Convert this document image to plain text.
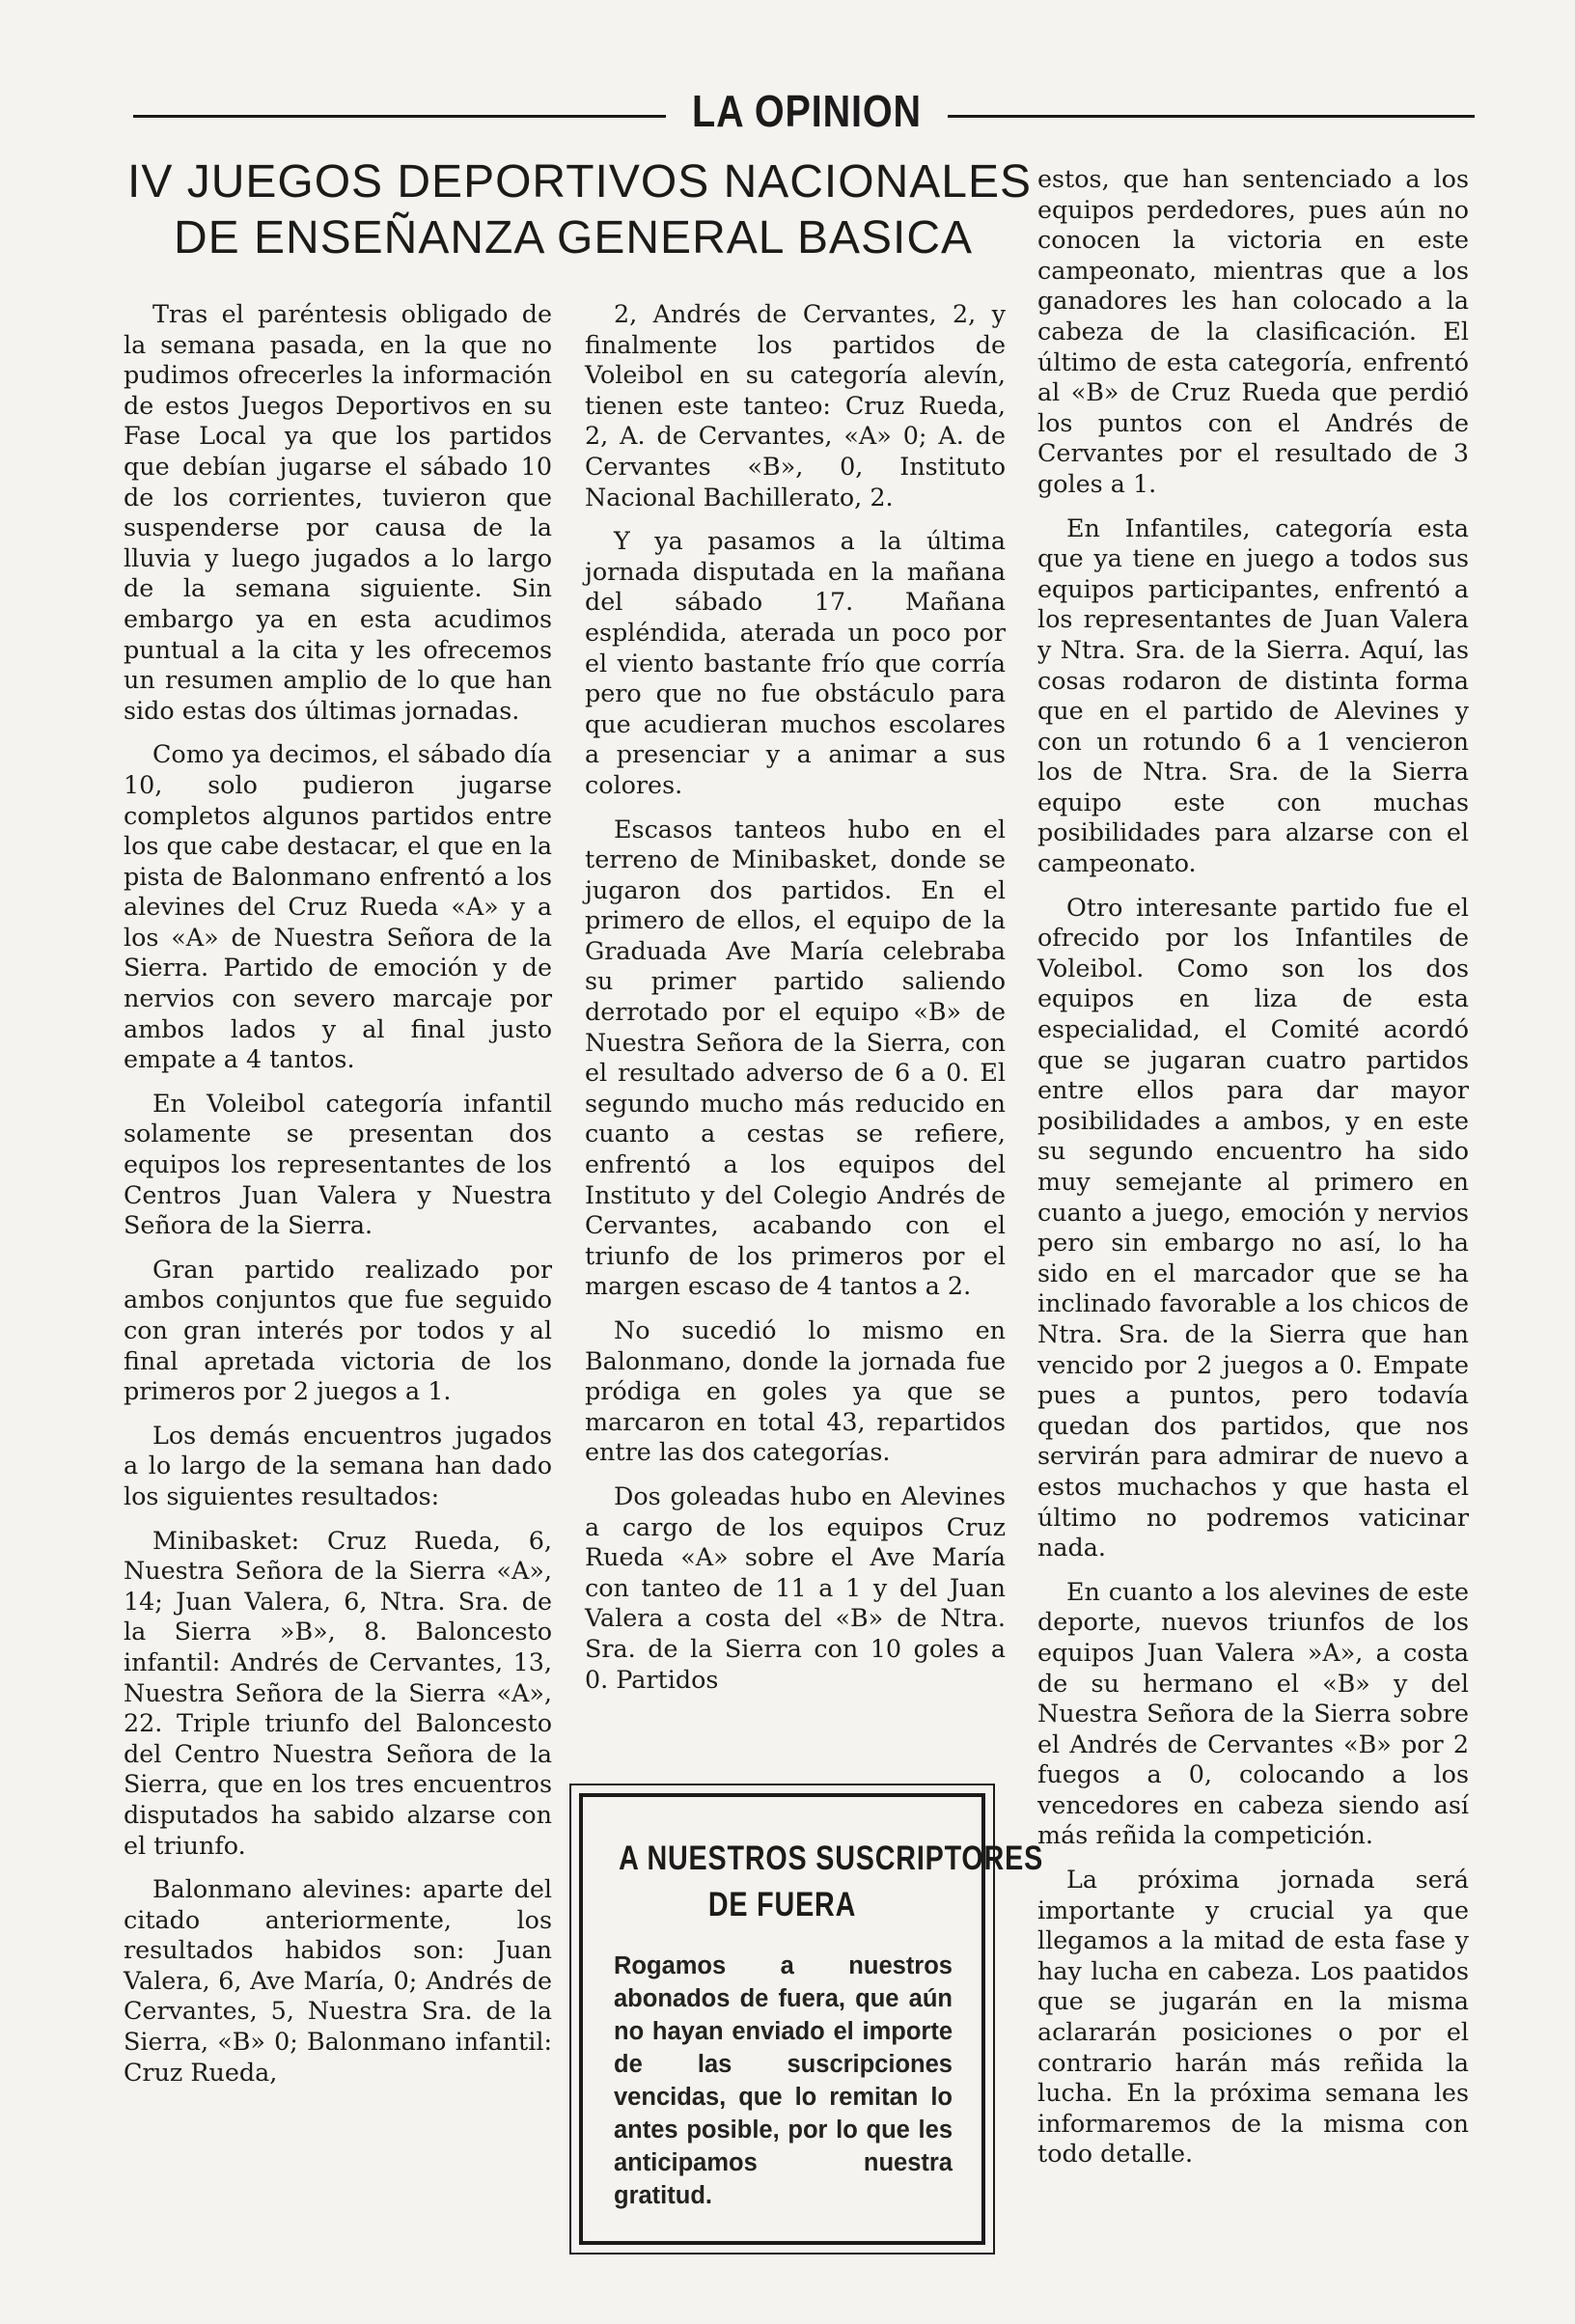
LA OPINION
IV JUEGOS DEPORTIVOS NACIONALES
DE ENSEÑANZA GENERAL BASICA

Tras el paréntesis obligado de la semana pasada, en la que no pudimos ofrecerles la información de estos Juegos Deportivos en su Fase Local ya que los partidos que debían jugarse el sábado 10 de los corrientes, tuvieron que suspenderse por causa de la lluvia y luego jugados a lo largo de la semana siguiente. Sin embargo ya en esta acudimos puntual a la cita y les ofrecemos un resumen amplio de lo que han sido estas dos últimas jornadas.

Como ya decimos, el sábado día 10, solo pudieron jugarse completos algunos partidos entre los que cabe destacar, el que en la pista de Balonmano enfrentó a los alevines del Cruz Rueda «A» y a los «A» de Nuestra Señora de la Sierra. Partido de emoción y de nervios con severo marcaje por ambos lados y al final justo empate a 4 tantos.

En Voleibol categoría infantil solamente se presentan dos equipos los representantes de los Centros Juan Valera y Nuestra Señora de la Sierra.

Gran partido realizado por ambos conjuntos que fue seguido con gran interés por todos y al final apretada victoria de los primeros por 2 juegos a 1.

Los demás encuentros jugados a lo largo de la semana han dado los siguientes resultados:

Minibasket: Cruz Rueda, 6, Nuestra Señora de la Sierra «A», 14; Juan Valera, 6, Ntra. Sra. de la Sierra »B», 8. Baloncesto infantil: Andrés de Cervantes, 13, Nuestra Señora de la Sierra «A», 22. Triple triunfo del Baloncesto del Centro Nuestra Señora de la Sierra, que en los tres encuentros disputados ha sabido alzarse con el triunfo.

Balonmano alevines: aparte del citado anteriormente, los resultados habidos son: Juan Valera, 6, Ave María, 0; Andrés de Cervantes, 5, Nuestra Sra. de la Sierra, «B» 0; Balonmano infantil: Cruz Rueda,

2, Andrés de Cervantes, 2, y finalmente los partidos de Voleibol en su categoría alevín, tienen este tanteo: Cruz Rueda, 2, A. de Cervantes, «A» 0; A. de Cervantes «B», 0, Instituto Nacional Bachillerato, 2.

Y ya pasamos a la última jornada disputada en la mañana del sábado 17. Mañana espléndida, aterada un poco por el viento bastante frío que corría pero que no fue obstáculo para que acudieran muchos escolares a presenciar y a animar a sus colores.

Escasos tanteos hubo en el terreno de Minibasket, donde se jugaron dos partidos. En el primero de ellos, el equipo de la Graduada Ave María celebraba su primer partido saliendo derrotado por el equipo «B» de Nuestra Señora de la Sierra, con el resultado adverso de 6 a 0. El segundo mucho más reducido en cuanto a cestas se refiere, enfrentó a los equipos del Instituto y del Colegio Andrés de Cervantes, acabando con el triunfo de los primeros por el margen escaso de 4 tantos a 2.

No sucedió lo mismo en Balonmano, donde la jornada fue pródiga en goles ya que se marcaron en total 43, repartidos entre las dos categorías.

Dos goleadas hubo en Alevines a cargo de los equipos Cruz Rueda «A» sobre el Ave María con tanteo de 11 a 1 y del Juan Valera a costa del «B» de Ntra. Sra. de la Sierra con 10 goles a 0. Partidos

estos, que han sentenciado a los equipos perdedores, pues aún no conocen la victoria en este campeonato, mientras que a los ganadores les han colocado a la cabeza de la clasificación. El último de esta categoría, enfrentó al «B» de Cruz Rueda que perdió los puntos con el Andrés de Cervantes por el resultado de 3 goles a 1.

En Infantiles, categoría esta que ya tiene en juego a todos sus equipos participantes, enfrentó a los representantes de Juan Valera y Ntra. Sra. de la Sierra. Aquí, las cosas rodaron de distinta forma que en el partido de Alevines y con un rotundo 6 a 1 vencieron los de Ntra. Sra. de la Sierra equipo este con muchas posibilidades para alzarse con el campeonato.

Otro interesante partido fue el ofrecido por los Infantiles de Voleibol. Como son los dos equipos en liza de esta especialidad, el Comité acordó que se jugaran cuatro partidos entre ellos para dar mayor posibilidades a ambos, y en este su segundo encuentro ha sido muy semejante al primero en cuanto a juego, emoción y nervios pero sin embargo no así, lo ha sido en el marcador que se ha inclinado favorable a los chicos de Ntra. Sra. de la Sierra que han vencido por 2 juegos a 0. Empate pues a puntos, pero todavía quedan dos partidos, que nos servirán para admirar de nuevo a estos muchachos y que hasta el último no podremos vaticinar nada.

En cuanto a los alevines de este deporte, nuevos triunfos de los equipos Juan Valera »A», a costa de su hermano el «B» y del Nuestra Señora de la Sierra sobre el Andrés de Cervantes «B» por 2 fuegos a 0, colocando a los vencedores en cabeza siendo así más reñida la competición.

La próxima jornada será importante y crucial ya que llegamos a la mitad de esta fase y hay lucha en cabeza. Los paatidos que se jugarán en la misma aclararán posiciones o por el contrario harán más reñida la lucha. En la próxima semana les informaremos de la misma con todo detalle.

A NUESTROS SUSCRIPTORES
DE FUERA
Rogamos a nuestros abonados de fuera, que aún no hayan enviado el importe de las suscripciones vencidas, que lo remitan lo antes posible, por lo que les anticipamos nuestra gratitud.
